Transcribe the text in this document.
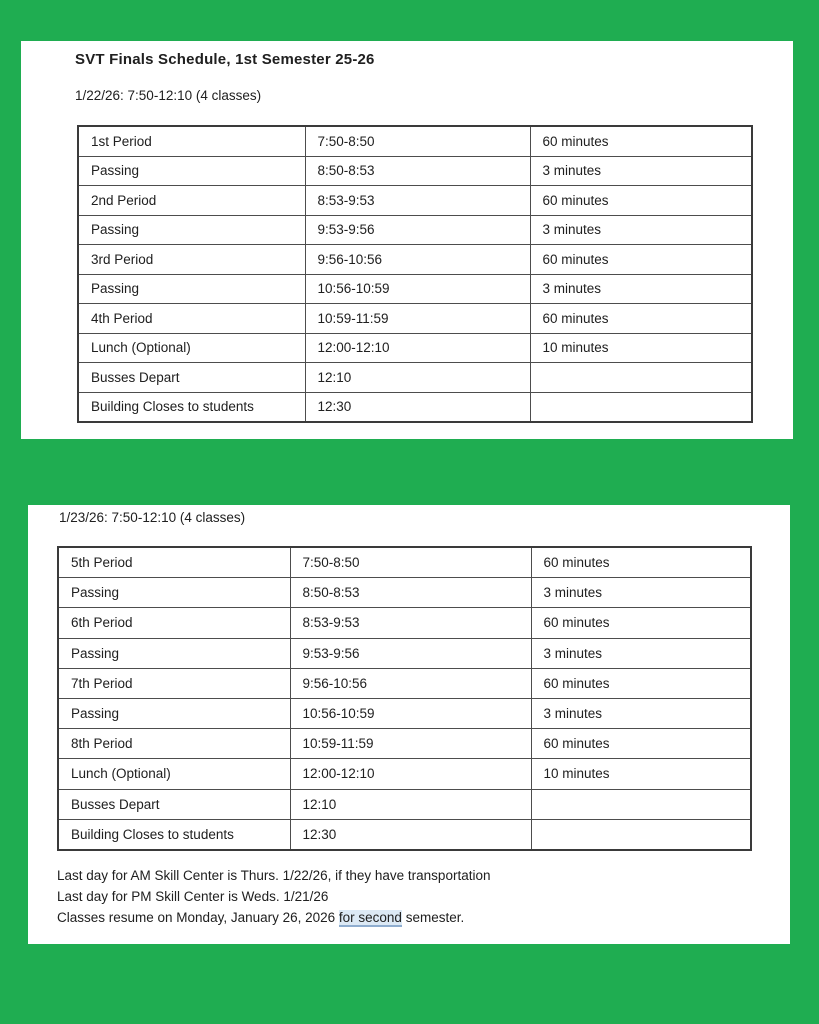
SVT Finals Schedule, 1st Semester 25-26

1/22/26: 7:50-12:10 (4 classes)

1st Period	7:50-8:50	60 minutes
Passing	8:50-8:53	3 minutes
2nd Period	8:53-9:53	60 minutes
Passing	9:53-9:56	3 minutes
3rd Period	9:56-10:56	60 minutes
Passing	10:56-10:59	3 minutes
4th Period	10:59-11:59	60 minutes
Lunch (Optional)	12:00-12:10	10 minutes
Busses Depart	12:10	
Building Closes to students	12:30	

1/23/26: 7:50-12:10 (4 classes)

5th Period	7:50-8:50	60 minutes
Passing	8:50-8:53	3 minutes
6th Period	8:53-9:53	60 minutes
Passing	9:53-9:56	3 minutes
7th Period	9:56-10:56	60 minutes
Passing	10:56-10:59	3 minutes
8th Period	10:59-11:59	60 minutes
Lunch (Optional)	12:00-12:10	10 minutes
Busses Depart	12:10	
Building Closes to students	12:30	

Last day for AM Skill Center is Thurs. 1/22/26, if they have transportation

Last day for PM Skill Center is Weds. 1/21/26

Classes resume on Monday, January 26, 2026 for second semester.
